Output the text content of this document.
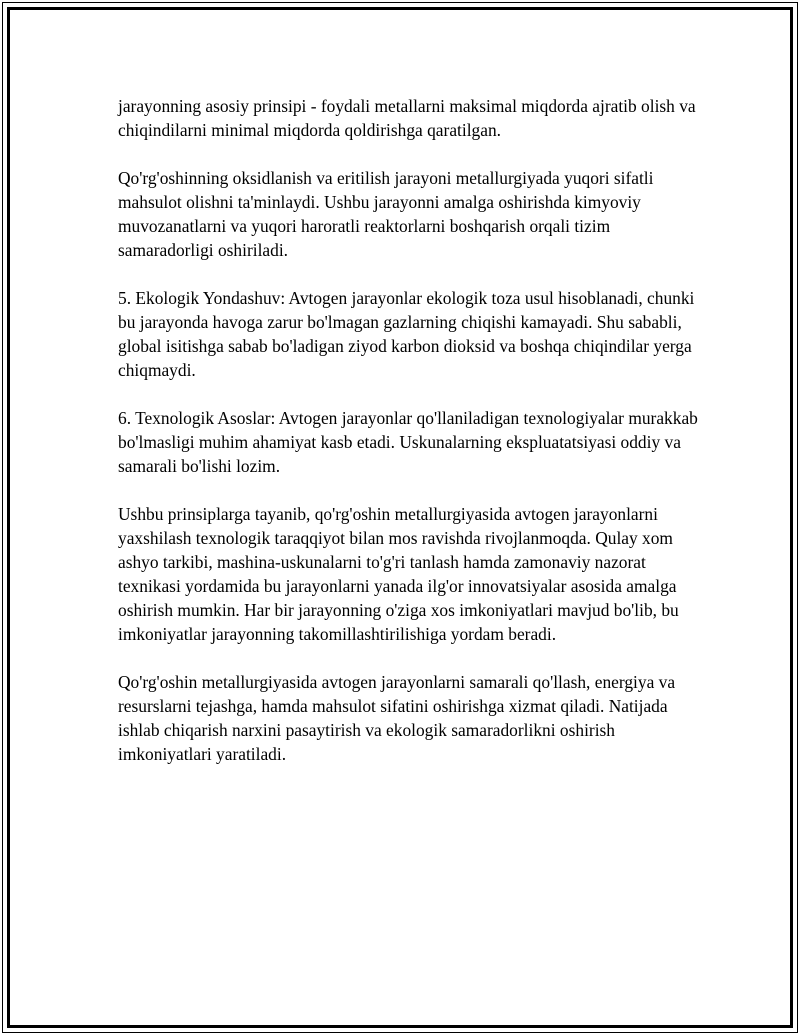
jarayonning asosiy prinsipi - foydali metallarni maksimal miqdorda ajratib olish va chiqindilarni minimal miqdorda qoldirishga qaratilgan.

Qo'rg'oshinning oksidlanish va eritilish jarayoni metallurgiyada yuqori sifatli mahsulot olishni ta'minlaydi. Ushbu jarayonni amalga oshirishda kimyoviy muvozanatlarni va yuqori haroratli reaktorlarni boshqarish orqali tizim samaradorligi oshiriladi.

5. Ekologik Yondashuv: Avtogen jarayonlar ekologik toza usul hisoblanadi, chunki bu jarayonda havoga zarur bo'lmagan gazlarning chiqishi kamayadi. Shu sababli, global isitishga sabab bo'ladigan ziyod karbon dioksid va boshqa chiqindilar yerga chiqmaydi.

6. Texnologik Asoslar: Avtogen jarayonlar qo'llaniladigan texnologiyalar murakkab bo'lmasligi muhim ahamiyat kasb etadi. Uskunalarning ekspluatatsiyasi oddiy va samarali bo'lishi lozim.

Ushbu prinsiplarga tayanib, qo'rg'oshin metallurgiyasida avtogen jarayonlarni yaxshilash texnologik taraqqiyot bilan mos ravishda rivojlanmoqda. Qulay xom ashyo tarkibi, mashina-uskunalarni to'g'ri tanlash hamda zamonaviy nazorat texnikasi yordamida bu jarayonlarni yanada ilg'or innovatsiyalar asosida amalga oshirish mumkin. Har bir jarayonning o'ziga xos imkoniyatlari mavjud bo'lib, bu imkoniyatlar jarayonning takomillashtirilishiga yordam beradi.

Qo'rg'oshin metallurgiyasida avtogen jarayonlarni samarali qo'llash, energiya va resurslarni tejashga, hamda mahsulot sifatini oshirishga xizmat qiladi. Natijada ishlab chiqarish narxini pasaytirish va ekologik samaradorlikni oshirish imkoniyatlari yaratiladi.
